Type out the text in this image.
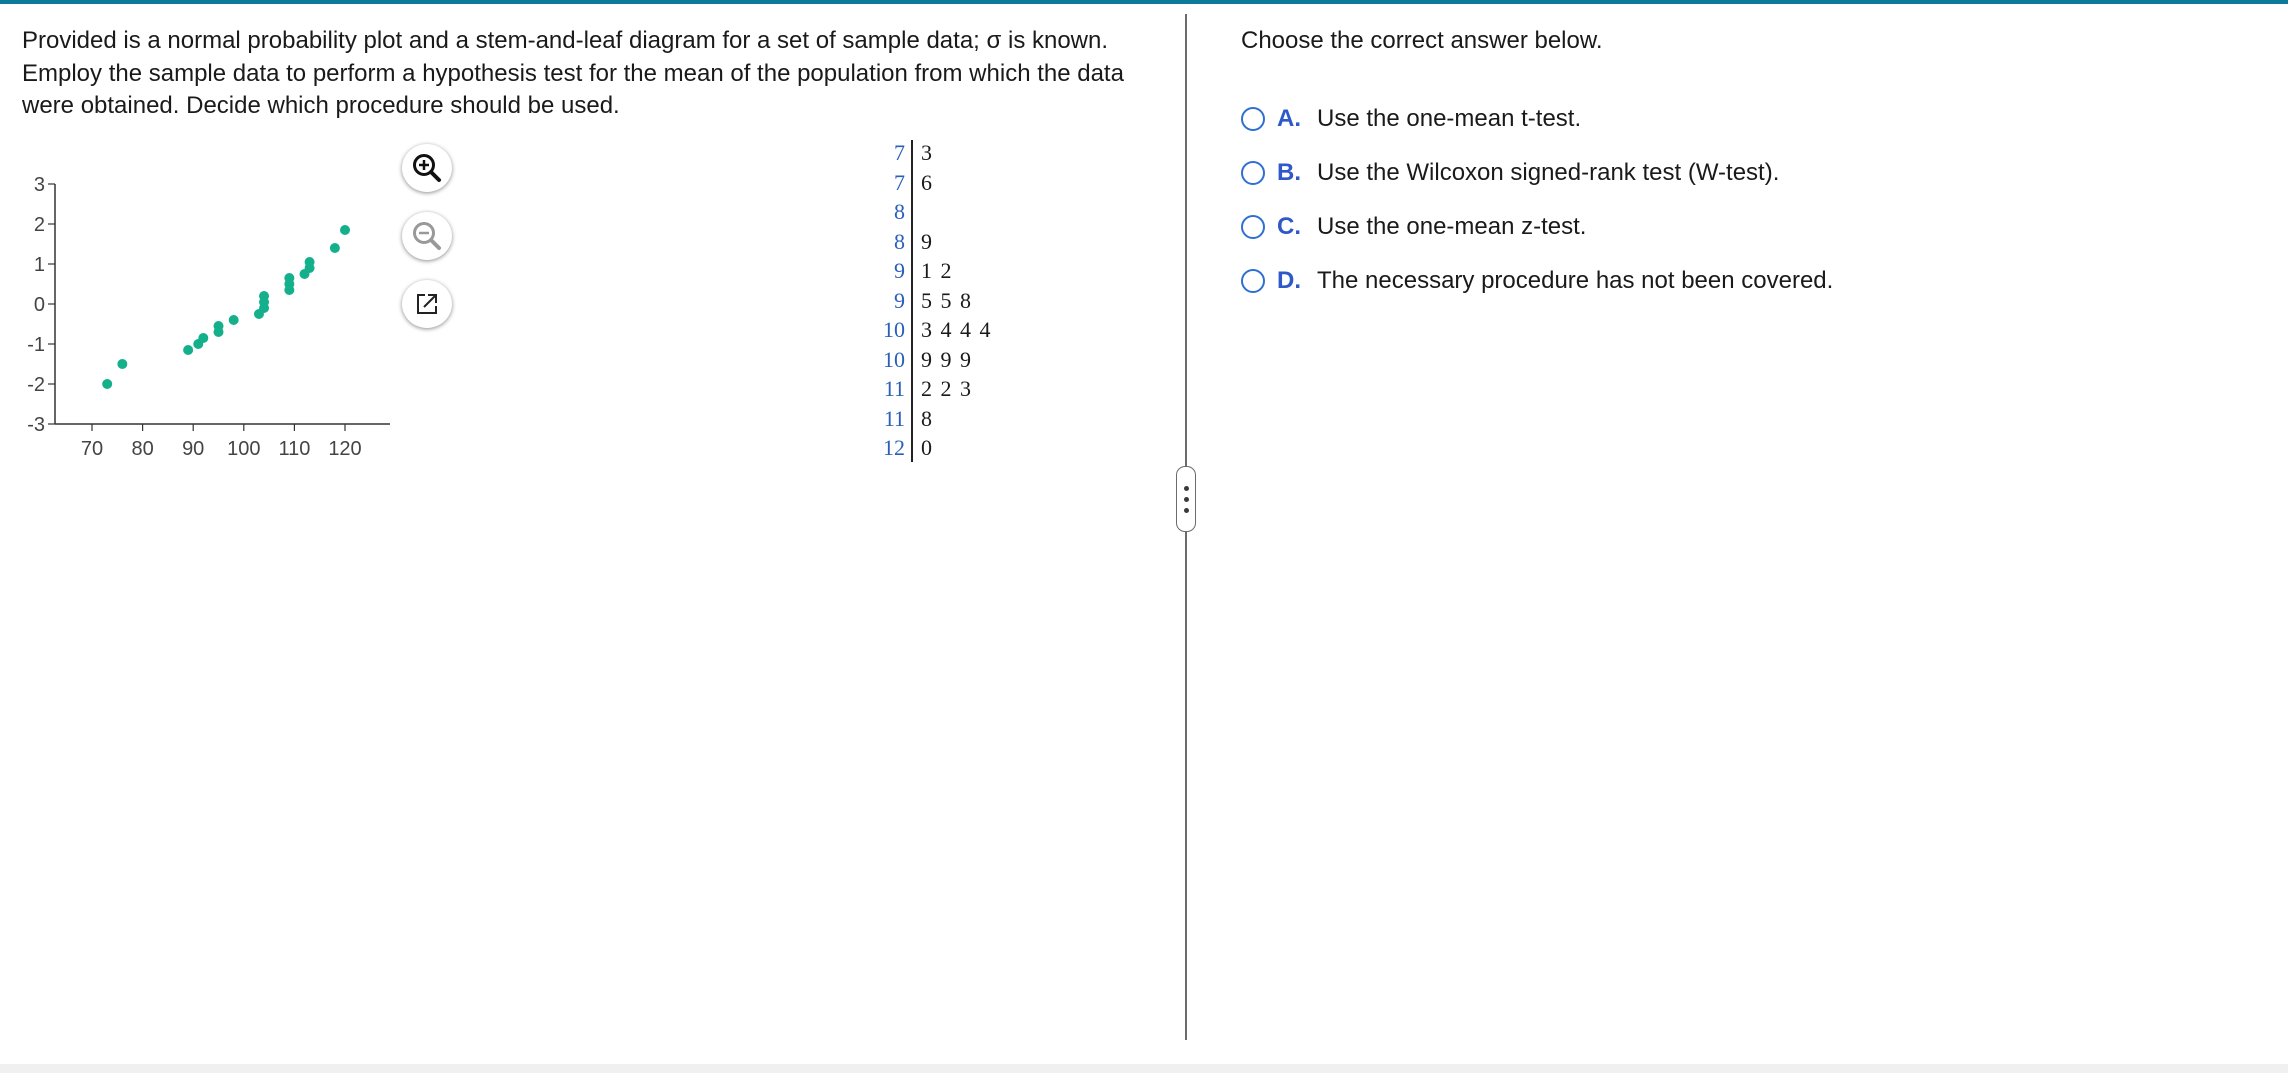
Provided is a normal probability plot and a stem-and-leaf diagram for a set of sample data; σ is known. Employ the sample data to perform a hypothesis test for the mean of the population from which the data were obtained. Decide which procedure should be used.
70 80 90 100 110 120
3
2
1
0
-1
-2
-3
7 3
7 6
8
8 9
9 1 2
9 5 5 8
10 3 4 4 4
10 9 9 9
11 2 2 3
11 8
12 0
Choose the correct answer below.
A. Use the one-mean t-test.
B. Use the Wilcoxon signed-rank test (W-test).
C. Use the one-mean z-test.
D. The necessary procedure has not been covered.
